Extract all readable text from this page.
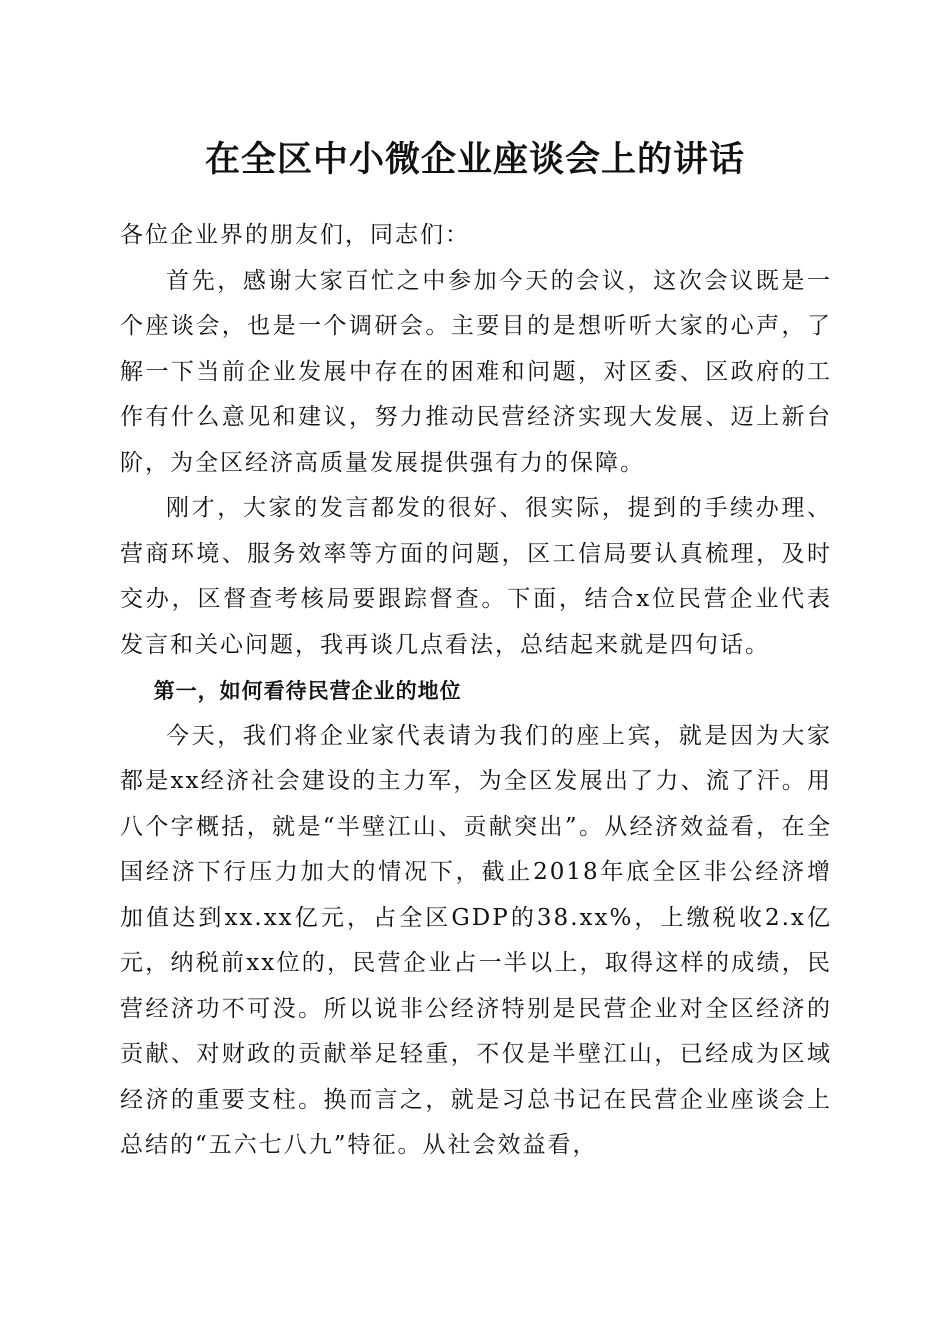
在全区中小微企业座谈会上的讲话

各位企业界的朋友们，同志们：

首先，感谢大家百忙之中参加今天的会议，这次会议既是一个座谈会，也是一个调研会。主要目的是想听听大家的心声，了解一下当前企业发展中存在的困难和问题，对区委、区政府的工作有什么意见和建议，努力推动民营经济实现大发展、迈上新台阶，为全区经济高质量发展提供强有力的保障。

刚才，大家的发言都发的很好、很实际，提到的手续办理、营商环境、服务效率等方面的问题，区工信局要认真梳理，及时交办，区督查考核局要跟踪督查。下面，结合x位民营企业代表发言和关心问题，我再谈几点看法，总结起来就是四句话。

第一，如何看待民营企业的地位

今天，我们将企业家代表请为我们的座上宾，就是因为大家都是xx经济社会建设的主力军，为全区发展出了力、流了汗。用八个字概括，就是“半壁江山、贡献突出”。从经济效益看，在全国经济下行压力加大的情况下，截止2018年底全区非公经济增加值达到xx.xx亿元，占全区GDP的38.xx%，上缴税收2.x亿元，纳税前xx位的，民营企业占一半以上，取得这样的成绩，民营经济功不可没。所以说非公经济特别是民营企业对全区经济的贡献、对财政的贡献举足轻重，不仅是半壁江山，已经成为区域经济的重要支柱。换而言之，就是习总书记在民营企业座谈会上总结的“五六七八九”特征。从社会效益看，
